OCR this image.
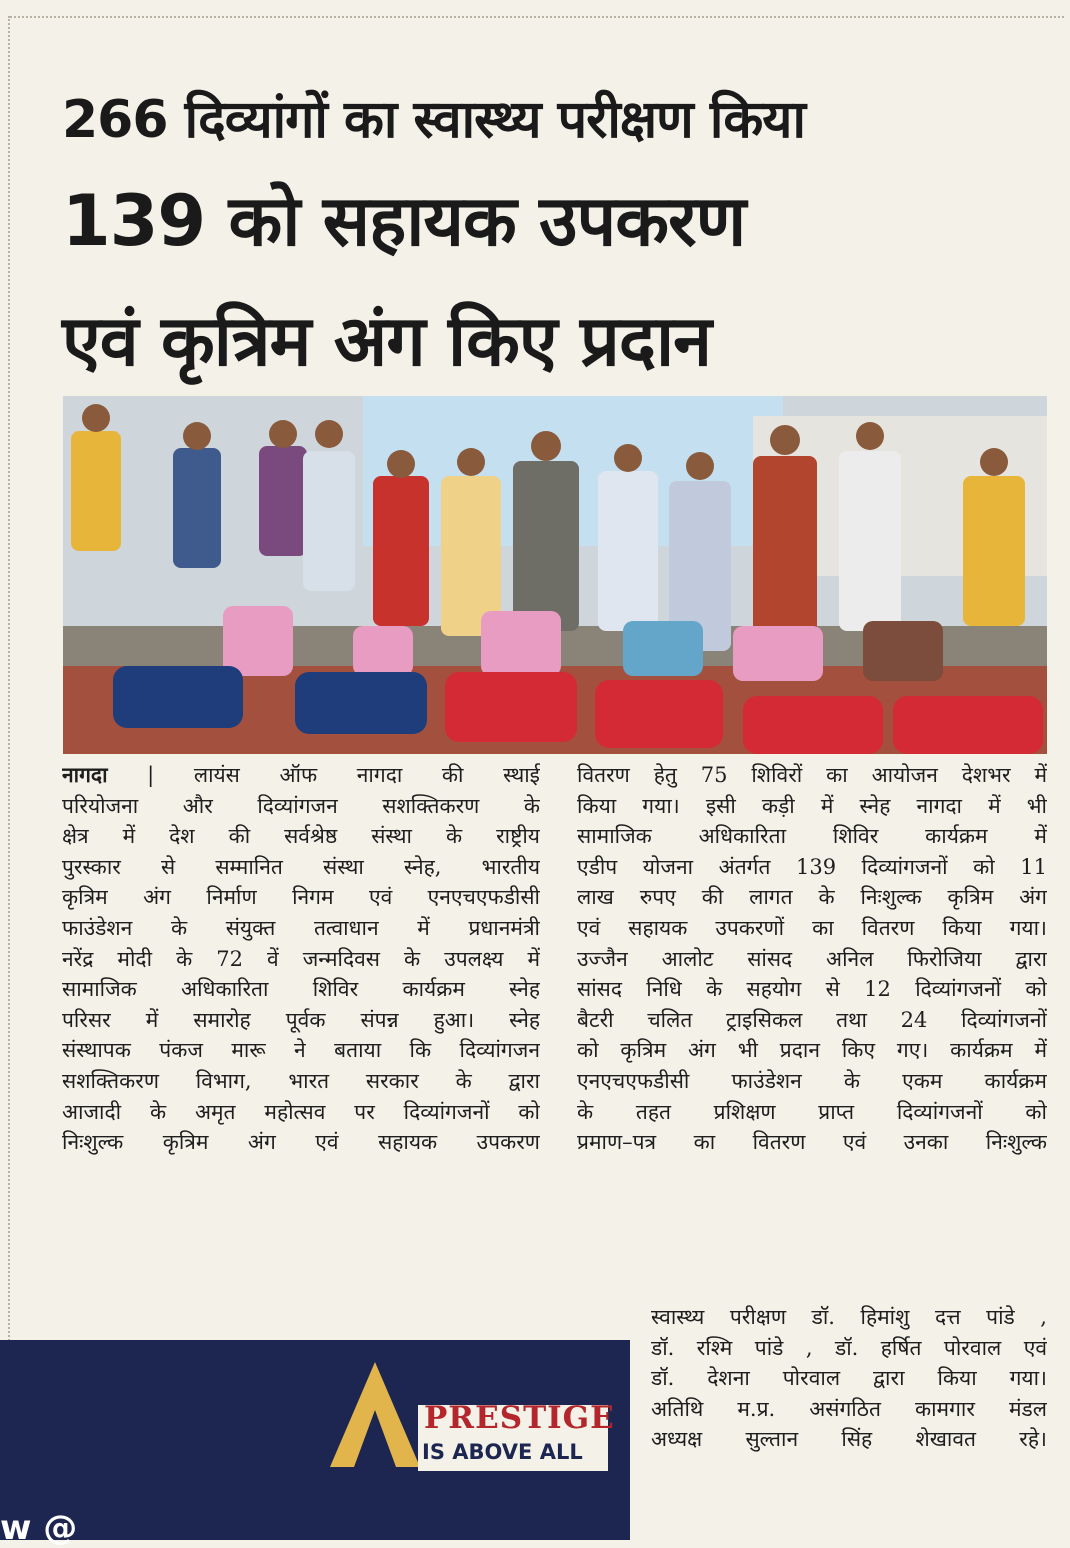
266 दिव्यांगों का स्वास्थ्य परीक्षण किया
139 को सहायक उपकरण
एवं कृत्रिम अंग किए प्रदान
नागदा | लायंस ऑफ नागदा की स्थाई
परियोजना और दिव्यांगजन सशक्तिकरण के
क्षेत्र में देश की सर्वश्रेष्ठ संस्था के राष्ट्रीय
पुरस्कार से सम्मानित संस्था स्नेह, भारतीय
कृत्रिम अंग निर्माण निगम एवं एनएचएफडीसी
फाउंडेशन के संयुक्त तत्वाधान में प्रधानमंत्री
नरेंद्र मोदी के 72 वें जन्मदिवस के उपलक्ष्य में
सामाजिक अधिकारिता शिविर कार्यक्रम स्नेह
परिसर में समारोह पूर्वक संपन्न हुआ। स्नेह
संस्थापक पंकज मारू ने बताया कि दिव्यांगजन
सशक्तिकरण विभाग, भारत सरकार के द्वारा
आजादी के अमृत महोत्सव पर दिव्यांगजनों को
निःशुल्क कृत्रिम अंग एवं सहायक उपकरण
वितरण हेतु 75 शिविरों का आयोजन देशभर में
किया गया। इसी कड़ी में स्नेह नागदा में भी
सामाजिक अधिकारिता शिविर कार्यक्रम में
एडीप योजना अंतर्गत 139 दिव्यांगजनों को 11
लाख रुपए की लागत के निःशुल्क कृत्रिम अंग
एवं सहायक उपकरणों का वितरण किया गया।
उज्जैन आलोट सांसद अनिल फिरोजिया द्वारा
सांसद निधि के सहयोग से 12 दिव्यांगजनों को
बैटरी चलित ट्राइसिकल तथा 24 दिव्यांगजनों
को कृत्रिम अंग भी प्रदान किए गए। कार्यक्रम में
एनएचएफडीसी फाउंडेशन के एकम कार्यक्रम
के तहत प्रशिक्षण प्राप्त दिव्यांगजनों को
प्रमाण–पत्र का वितरण एवं उनका निःशुल्क
स्वास्थ्य परीक्षण डॉ. हिमांशु दत्त पांडे ,
डॉ. रश्मि पांडे , डॉ. हर्षित पोरवाल एवं
डॉ. देशना पोरवाल द्वारा किया गया।
अतिथि म.प्र. असंगठित कामगार मंडल
अध्यक्ष सुल्तान सिंह शेखावत रहे।
PRESTIGE
IS ABOVE ALL
w @
